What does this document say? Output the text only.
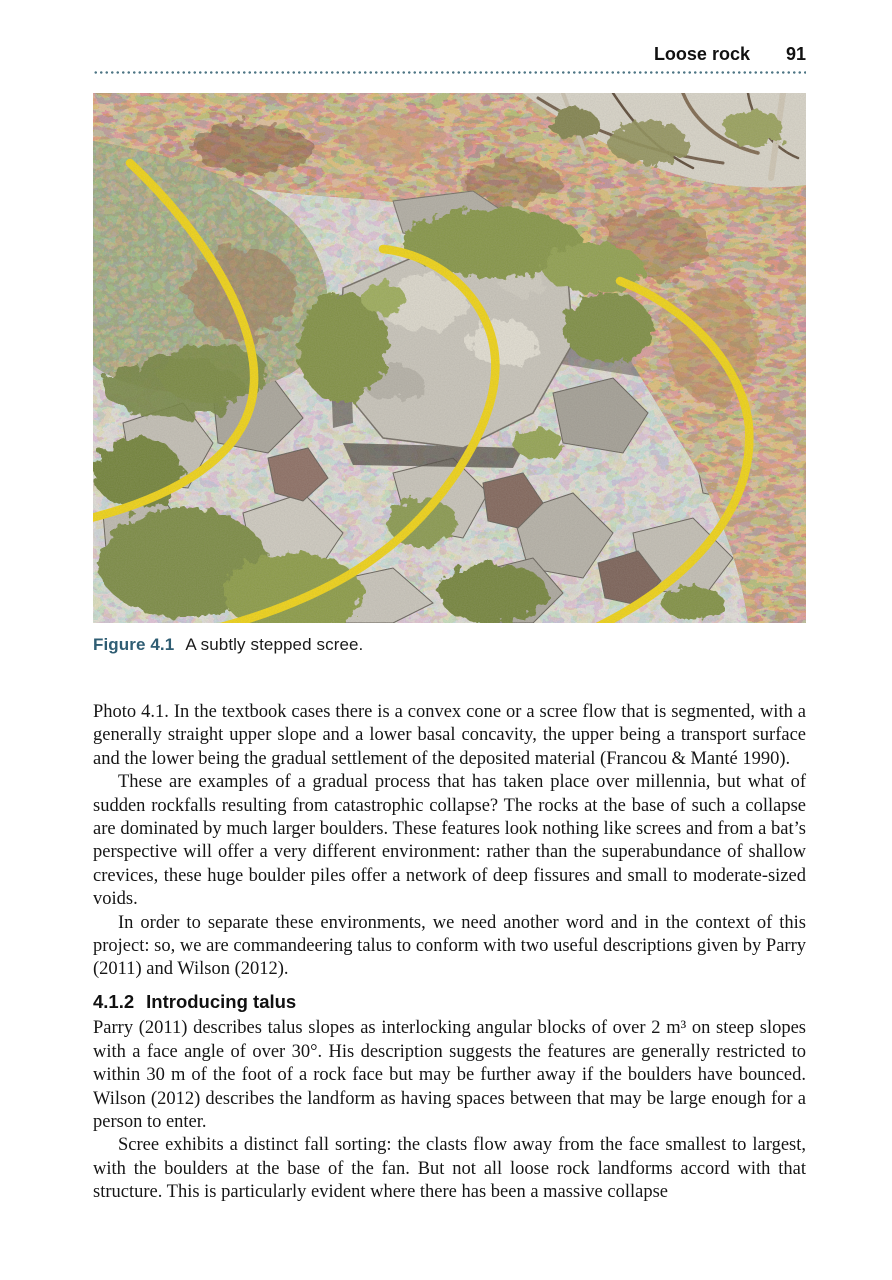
Loose rock 91
Figure 4.1 A subtly stepped scree.

Photo 4.1. In the textbook cases there is a convex cone or a scree flow that is segmented, with a generally straight upper slope and a lower basal concavity, the upper being a transport surface and the lower being the gradual settlement of the deposited material (Francou & Manté 1990).

These are examples of a gradual process that has taken place over millennia, but what of sudden rockfalls resulting from catastrophic collapse? The rocks at the base of such a collapse are dominated by much larger boulders. These features look nothing like screes and from a bat’s perspective will offer a very different environment: rather than the superabundance of shallow crevices, these huge boulder piles offer a network of deep fissures and small to moderate-sized voids.

In order to separate these environments, we need another word and in the context of this project: so, we are commandeering talus to conform with two useful descriptions given by Parry (2011) and Wilson (2012).

4.1.2 Introducing talus

Parry (2011) describes talus slopes as interlocking angular blocks of over 2 m³ on steep slopes with a face angle of over 30°. His description suggests the features are generally restricted to within 30 m of the foot of a rock face but may be further away if the boulders have bounced. Wilson (2012) describes the landform as having spaces between that may be large enough for a person to enter.

Scree exhibits a distinct fall sorting: the clasts flow away from the face smallest to largest, with the boulders at the base of the fan. But not all loose rock landforms accord with that structure. This is particularly evident where there has been a massive collapse
